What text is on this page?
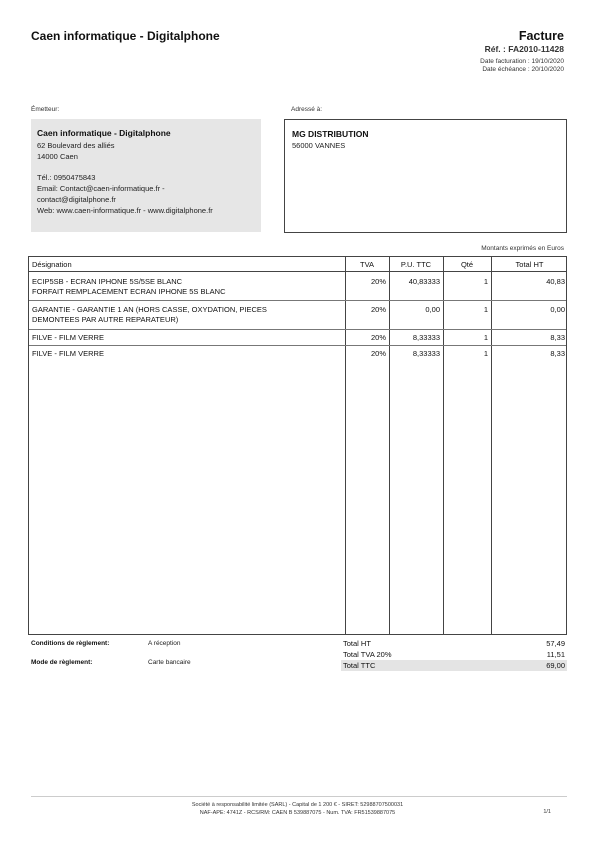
Caen informatique - Digitalphone	Facture
Réf. : FA2010-11428
Date facturation : 19/10/2020
Date échéance : 20/10/2020
Émetteur:	Adressé à:
Caen informatique - Digitalphone
62 Boulevard des alliés
14000 Caen
Tél.: 0950475843
Email: Contact@caen-informatique.fr -
contact@digitalphone.fr
Web: www.caen-informatique.fr - www.digitalphone.fr
MG DISTRIBUTION
56000 VANNES
Montants exprimés en Euros
Désignation	TVA	P.U. TTC	Qté	Total HT
ECIP5SB - ECRAN IPHONE 5S/5SE BLANC
FORFAIT REMPLACEMENT ECRAN IPHONE 5S BLANC
20%	40,83333	1	40,83
GARANTIE - GARANTIE 1 AN (HORS CASSE, OXYDATION, PIECES
DEMONTEES PAR AUTRE REPARATEUR)
20%	0,00	1	0,00
FILVE - FILM VERRE	20%	8,33333	1	8,33
FILVE - FILM VERRE	20%	8,33333	1	8,33
Conditions de règlement:	A réception
Mode de règlement:	Carte bancaire
Total HT	57,49
Total TVA 20%	11,51
Total TTC	69,00
Société à responsabilité limitée (SARL) - Capital de 1 200 € - SIRET: 52988707500031
NAF-APE: 4741Z - RCS/RM: CAEN B 539887075 - Num. TVA: FR51539887075	1/1
